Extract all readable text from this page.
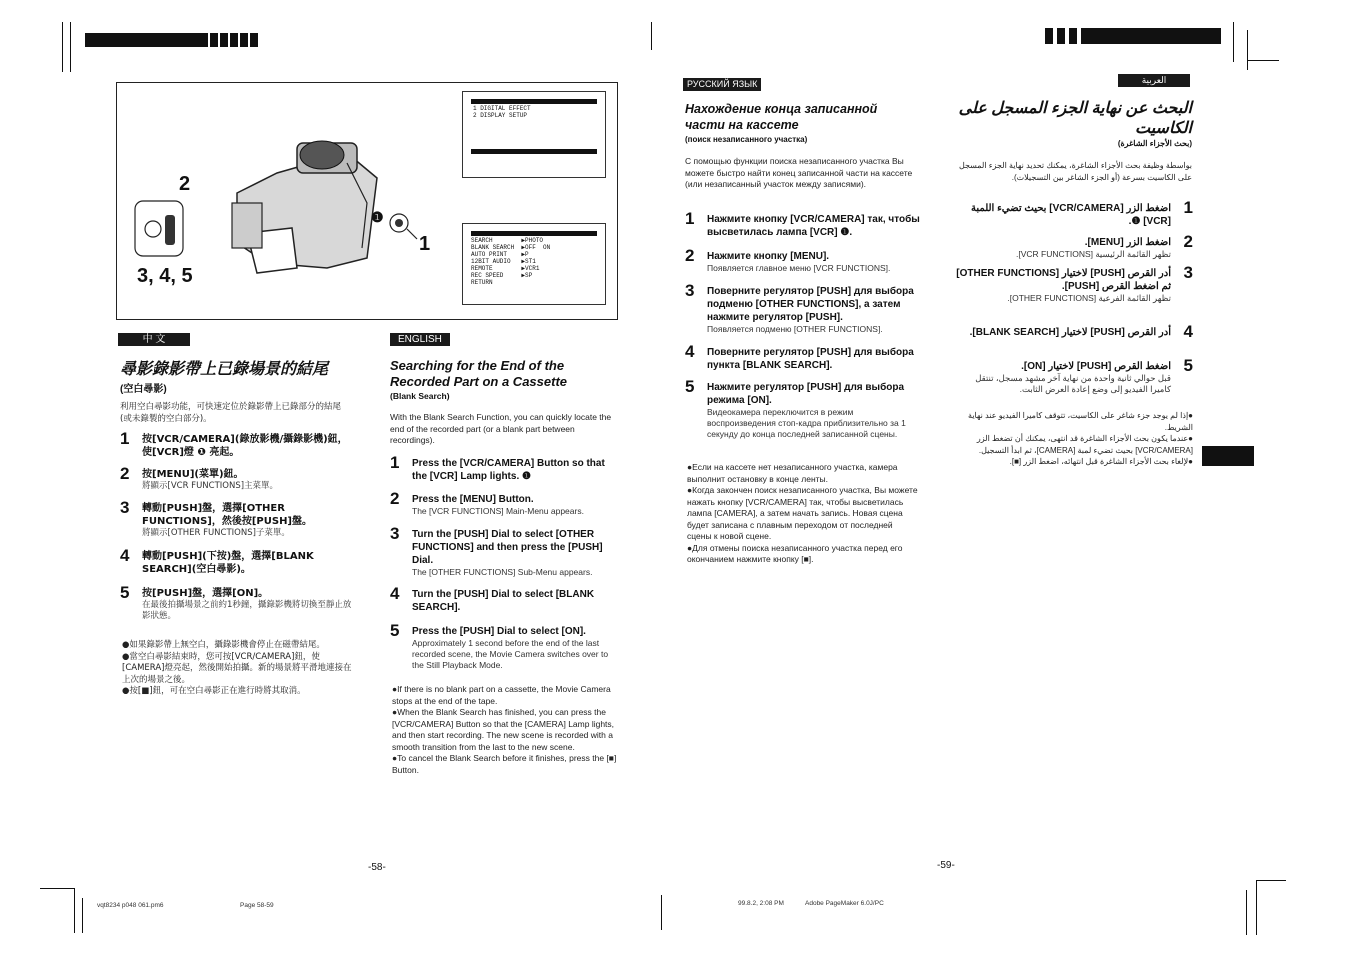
2
3, 4, 5
❶
1
1 DIGITAL EFFECT
2 DISPLAY SETUP
SEARCH        ▶PHOTO
BLANK SEARCH  ▶OFF  ON
AUTO PRINT    ▶P
12BIT AUDIO   ▶ST1
REMOTE        ▶VCR1
REC SPEED     ▶SP
RETURN
中 文
尋影錄影帶上已錄場景的結尾
(空白尋影)
利用空白尋影功能，可快速定位於錄影帶上已錄部分的結尾(或未錄製的空白部分)。
1	按[VCR/CAMERA](錄放影機/攝錄影機)鈕，使[VCR]燈 ❶ 亮起。
2	按[MENU](菜單)鈕。
將顯示[VCR FUNCTIONS]主菜單。
3	轉動[PUSH]盤，選擇[OTHER FUNCTIONS]，然後按[PUSH]盤。
將顯示[OTHER FUNCTIONS]子菜單。
4	轉動[PUSH](下按)盤，選擇[BLANK SEARCH](空白尋影)。
5	按[PUSH]盤，選擇[ON]。
在最後拍攝場景之前約1秒鐘，攝錄影機將切換至靜止放影狀態。
●如果錄影帶上無空白，攝錄影機會停止在磁帶結尾。
●當空白尋影結束時，您可按[VCR/CAMERA]鈕，使[CAMERA]燈亮起，然後開始拍攝。新的場景將平滑地連接在上次的場景之後。
●按[■]鈕，可在空白尋影正在進行時將其取消。
ENGLISH
Searching for the End of the
Recorded Part on a Cassette
(Blank Search)
With the Blank Search Function, you can quickly locate the end of the recorded part (or a blank part between recordings).
1	Press the [VCR/CAMERA] Button so that the [VCR] Lamp lights. ❶
2	Press the [MENU] Button.
The [VCR FUNCTIONS] Main-Menu appears.
3	Turn the [PUSH] Dial to select [OTHER FUNCTIONS] and then press the [PUSH] Dial.
The [OTHER FUNCTIONS] Sub-Menu appears.
4	Turn the [PUSH] Dial to select [BLANK SEARCH].
5	Press the [PUSH] Dial to select [ON].
Approximately 1 second before the end of the last recorded scene, the Movie Camera switches over to the Still Playback Mode.
●If there is no blank part on a cassette, the Movie Camera stops at the end of the tape.
●When the Blank Search has finished, you can press the [VCR/CAMERA] Button so that the [CAMERA] Lamp lights, and then start recording. The new scene is recorded with a smooth transition from the last to the new scene.
●To cancel the Blank Search before it finishes, press the [■] Button.
РУССКИЙ ЯЗЫК
Нахождение конца записанной
части на кассете
(поиск незаписанного участка)
С помощью функции поиска незаписанного участка Вы можете быстро найти конец записанной части на кассете (или незаписанный участок между записями).
1	Нажмите кнопку [VCR/CAMERA] так, чтобы высветилась лампа [VCR] ❶.
2	Нажмите кнопку [MENU].
Появляется главное меню [VCR FUNCTIONS].
3	Поверните регулятор [PUSH] для выбора подменю [OTHER FUNCTIONS], а затем нажмите регулятор [PUSH].
Появляется подменю [OTHER FUNCTIONS].
4	Поверните регулятор [PUSH] для выбора пункта [BLANK SEARCH].
5	Нажмите регулятор [PUSH] для выбора режима [ON].
Видеокамера переключится в режим воспроизведения стоп-кадра приблизительно за 1 секунду до конца последней записанной сцены.
●Если на кассете нет незаписанного участка, камера выполнит остановку в конце ленты.
●Когда закончен поиск незаписанного участка, Вы можете нажать кнопку [VCR/CAMERA] так, чтобы высветилась лампа [CAMERA], а затем начать запись. Новая сцена будет записана с плавным переходом от последней сцены к новой сцене.
●Для отмены поиска незаписанного участка перед его окончанием нажмите кнопку [■].
العربية
البحث عن نهاية الجزء المسجل على
الكاسيت
(بحث الأجزاء الشاغرة)
بواسطة وظيفة بحث الأجزاء الشاغرة، يمكنك تحديد نهاية الجزء المسجل على الكاسيت بسرعة (أو الجزء الشاغر بين التسجيلات).
1
اضغط الزر [VCR/CAMERA] بحيث تضيء اللمبة [VCR] ❶.
2
اضغط الزر [MENU].
تظهر القائمة الرئيسية [VCR FUNCTIONS].
3
أدر القرص [PUSH] لاختيار [OTHER FUNCTIONS] ثم اضغط القرص [PUSH].
تظهر القائمة الفرعية [OTHER FUNCTIONS].
4
أدر القرص [PUSH] لاختيار [BLANK SEARCH].
5
اضغط القرص [PUSH] لاختيار [ON].
قبل حوالي ثانية واحدة من نهاية آخر مشهد مسجل، تنتقل كاميرا الفيديو إلى وضع إعادة العرض الثابت.
●إذا لم يوجد جزء شاغر على الكاسيت، تتوقف كاميرا الفيديو عند نهاية الشريط.
●عندما يكون بحث الأجزاء الشاغرة قد انتهى، يمكنك أن تضغط الزر [VCR/CAMERA] بحيث تضيء لمبة [CAMERA]، ثم ابدأ التسجيل.
●لإلغاء بحث الأجزاء الشاغرة قبل انتهائه، اضغط الزر [■].
-58-	-59-
vqt8234 p048 061.pm6	Page 58-59	99.8.2, 2:08 PM	Adobe PageMaker 6.0J/PC
